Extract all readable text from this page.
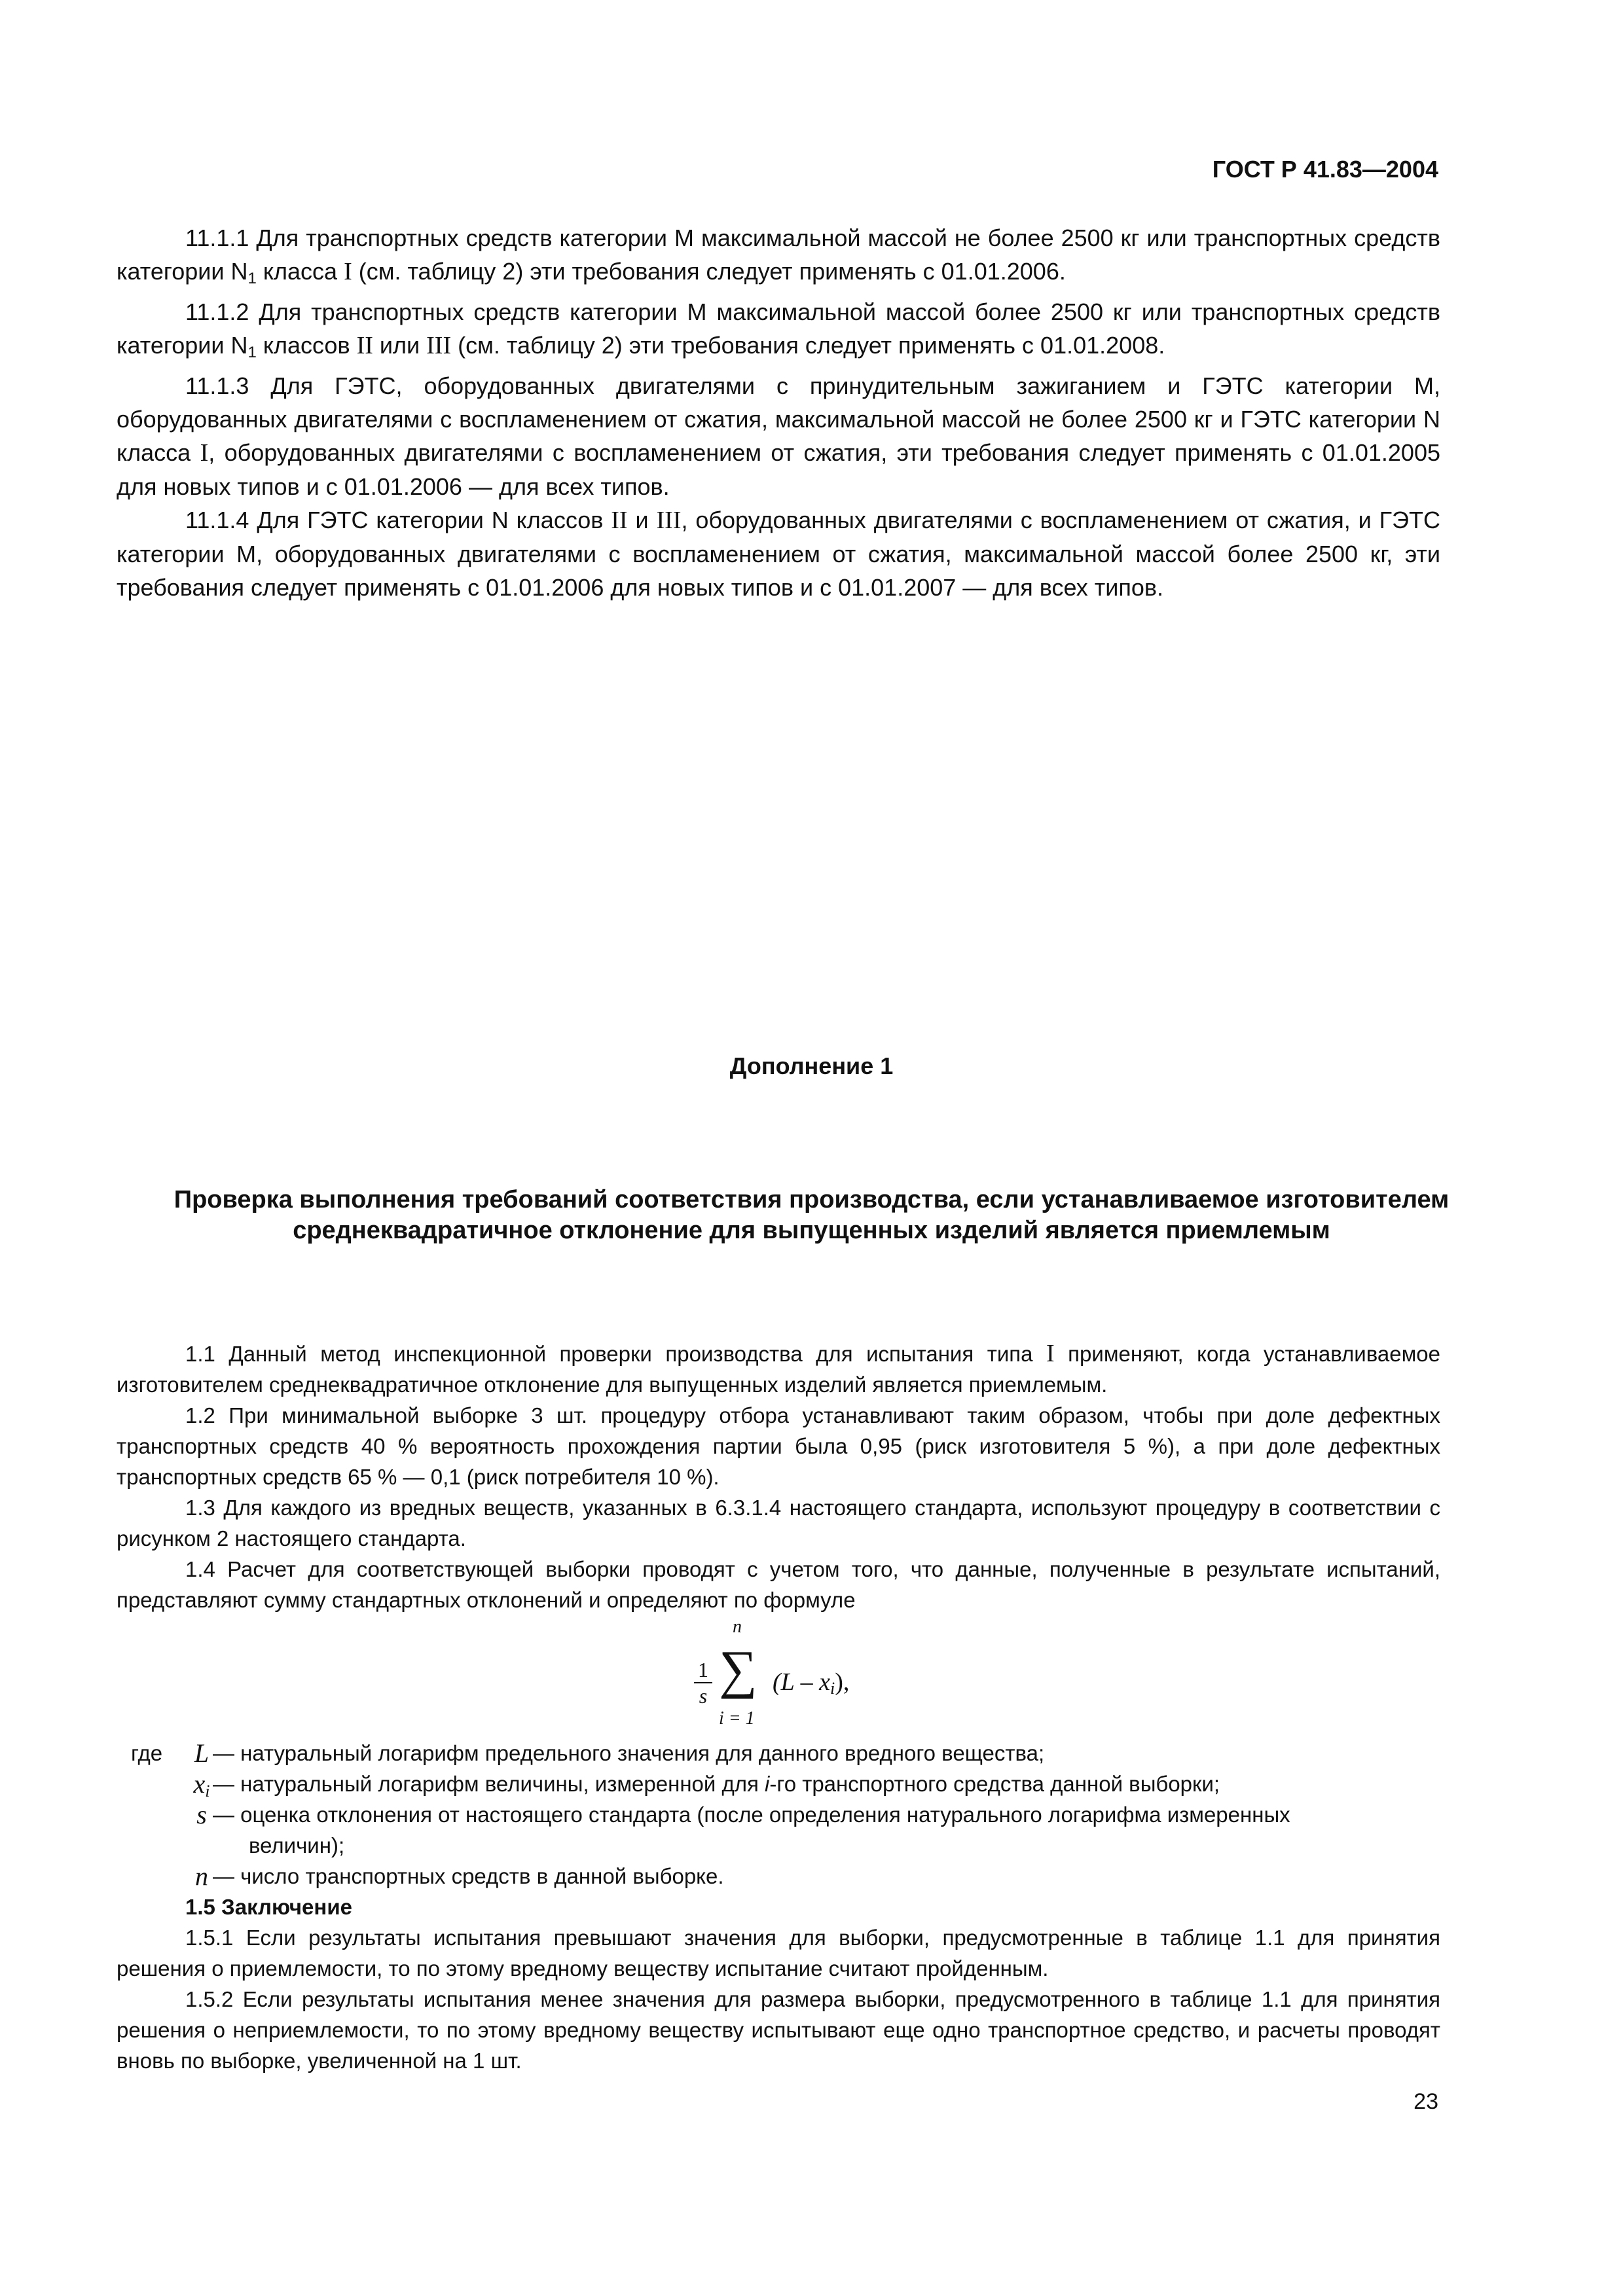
ГОСТ Р 41.83—2004

11.1.1 Для транспортных средств категории М максимальной массой не более 2500 кг или транспортных средств категории $N_1$ класса I (см. таблицу 2) эти требования следует применять с 01.01.2006.

11.1.2 Для транспортных средств категории М максимальной массой более 2500 кг или транспортных средств категории $N_1$ классов II или III (см. таблицу 2) эти требования следует применять с 01.01.2008.

11.1.3 Для ГЭТС, оборудованных двигателями с принудительным зажиганием и ГЭТС категории М, оборудованных двигателями с воспламенением от сжатия, максимальной массой не более 2500 кг и ГЭТС категории N класса I, оборудованных двигателями с воспламенением от сжатия, эти требования следует применять с 01.01.2005 для новых типов и с 01.01.2006 — для всех типов.

11.1.4 Для ГЭТС категории N классов II и III, оборудованных двигателями с воспламенением от сжатия, и ГЭТС категории М, оборудованных двигателями с воспламенением от сжатия, максимальной массой более 2500 кг, эти требования следует применять с 01.01.2006 для новых типов и с 01.01.2007 — для всех типов.

Дополнение 1
Проверка выполнения требований соответствия производства, если устанавливаемое изготовителем среднеквадратичное отклонение для выпущенных изделий является приемлемым

1.1 Данный метод инспекционной проверки производства для испытания типа I применяют, когда устанавливаемое изготовителем среднеквадратичное отклонение для выпущенных изделий является приемлемым.

1.2 При минимальной выборке 3 шт. процедуру отбора устанавливают таким образом, чтобы при доле дефектных транспортных средств 40 % вероятность прохождения партии была 0,95 (риск изготовителя 5 %), а при доле дефектных транспортных средств 65 % — 0,1 (риск потребителя 10 %).

1.3 Для каждого из вредных веществ, указанных в 6.3.1.4 настоящего стандарта, используют процедуру в соответствии с рисунком 2 настоящего стандарта.

1.4 Расчет для соответствующей выборки проводят с учетом того, что данные, полученные в результате испытаний, представляют сумму стандартных отклонений и определяют по формуле

n
1
s ∑
i = 1
$(L - x_i)$,
где	L — натуральный логарифм предельного значения для данного вредного вещества;
$x_i$ — натуральный логарифм величины, измеренной для i-го транспортного средства данной выборки;
s — оценка отклонения от настоящего стандарта (после определения натурального логарифма измеренных
величин);
n — число транспортных средств в данной выборке.

1.5 Заключение

1.5.1 Если результаты испытания превышают значения для выборки, предусмотренные в таблице 1.1 для принятия решения о приемлемости, то по этому вредному веществу испытание считают пройденным.

1.5.2 Если результаты испытания менее значения для размера выборки, предусмотренного в таблице 1.1 для принятия решения о неприемлемости, то по этому вредному веществу испытывают еще одно транспортное средство, и расчеты проводят вновь по выборке, увеличенной на 1 шт.

23
